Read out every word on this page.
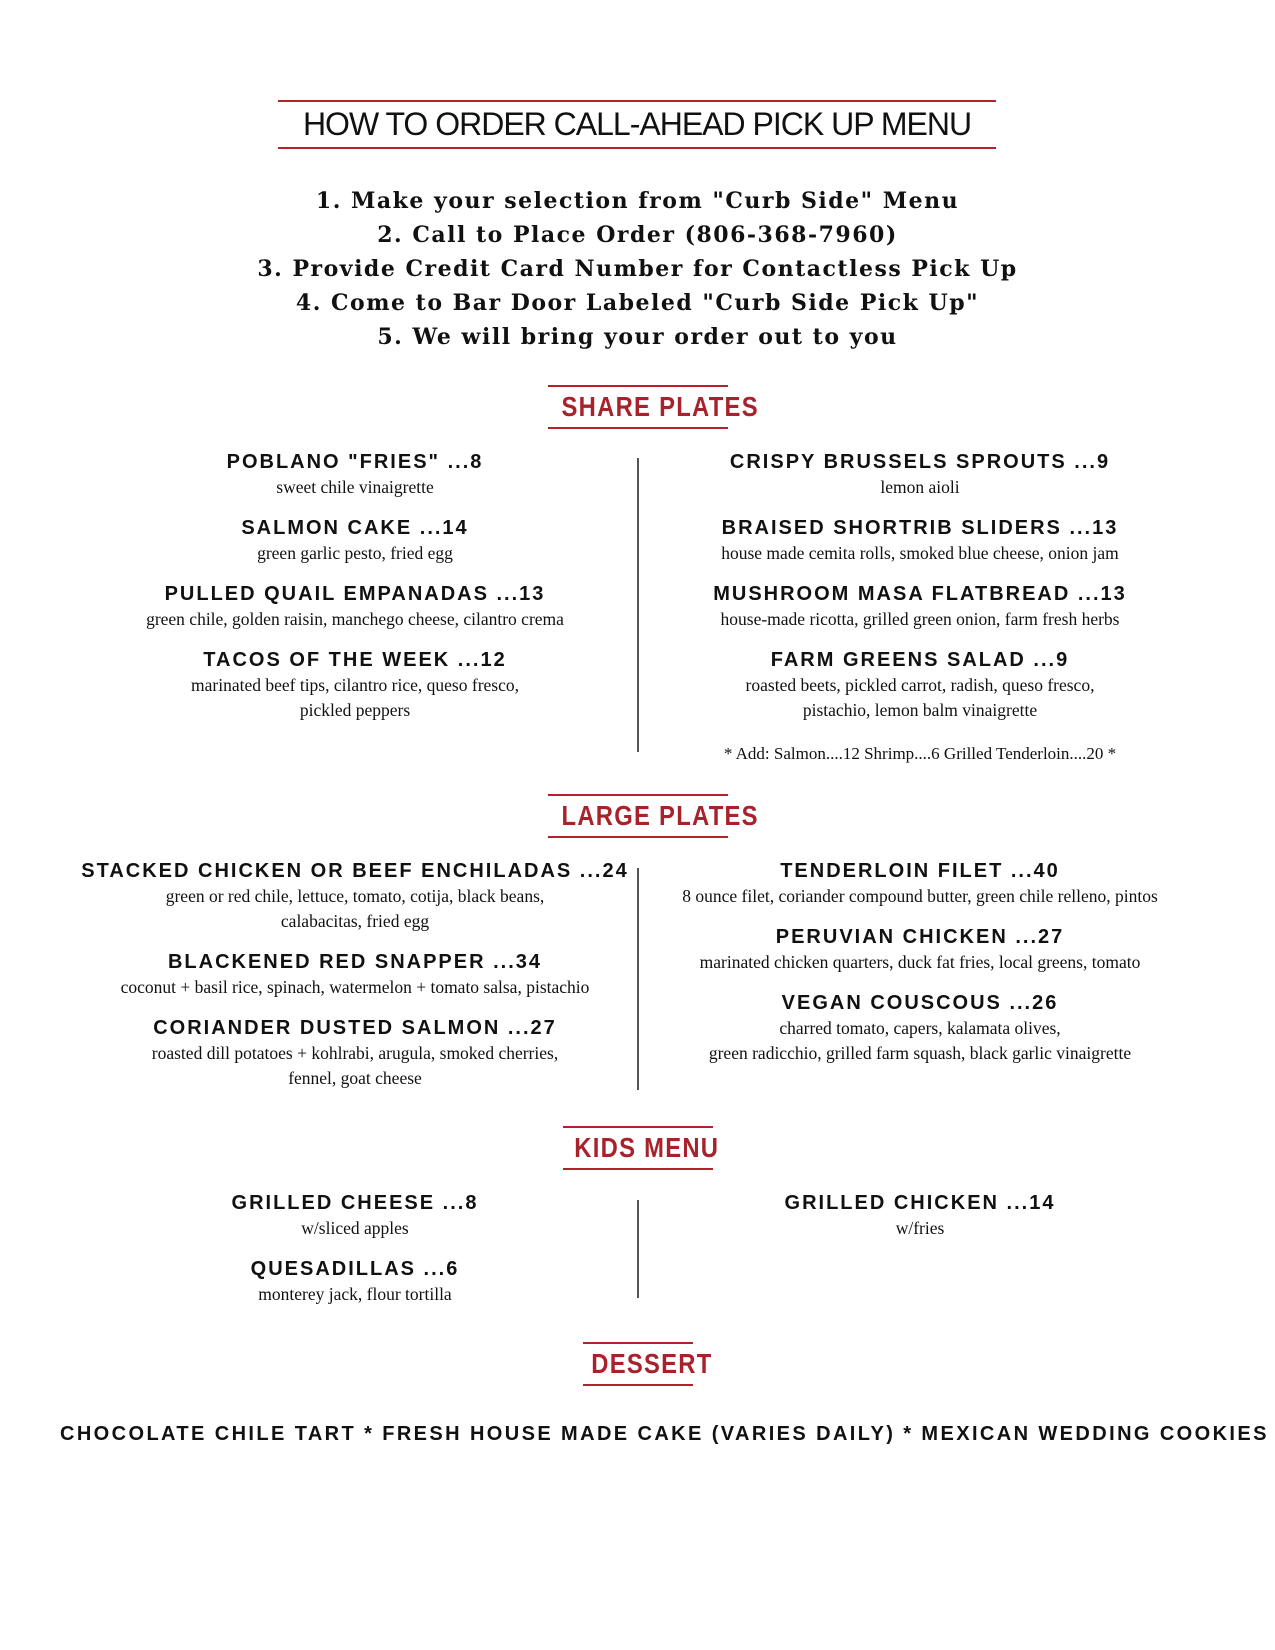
HOW TO ORDER CALL-AHEAD PICK UP MENU
1. Make your selection from "Curb Side" Menu
2. Call to Place Order (806-368-7960)
3. Provide Credit Card Number for Contactless Pick Up
4. Come to Bar Door Labeled "Curb Side Pick Up"
5. We will bring your order out to you
SHARE PLATES
POBLANO "FRIES" ...8
sweet chile vinaigrette
SALMON CAKE ...14
green garlic pesto, fried egg
PULLED QUAIL EMPANADAS ...13
green chile, golden raisin, manchego cheese, cilantro crema
TACOS OF THE WEEK ...12
marinated beef tips, cilantro rice, queso fresco,
pickled peppers
CRISPY BRUSSELS SPROUTS ...9
lemon aioli
BRAISED SHORTRIB SLIDERS ...13
house made cemita rolls, smoked blue cheese, onion jam
MUSHROOM MASA FLATBREAD ...13
house-made ricotta, grilled green onion, farm fresh herbs
FARM GREENS SALAD ...9
roasted beets, pickled carrot, radish, queso fresco,
pistachio, lemon balm vinaigrette
* Add: Salmon....12 Shrimp....6 Grilled Tenderloin....20 *
LARGE PLATES
STACKED CHICKEN OR BEEF ENCHILADAS ...24
green or red chile, lettuce, tomato, cotija, black beans,
calabacitas, fried egg
BLACKENED RED SNAPPER ...34
coconut + basil rice, spinach, watermelon + tomato salsa, pistachio
CORIANDER DUSTED SALMON ...27
roasted dill potatoes + kohlrabi, arugula, smoked cherries,
fennel, goat cheese
TENDERLOIN FILET ...40
8 ounce filet, coriander compound butter, green chile relleno, pintos
PERUVIAN CHICKEN ...27
marinated chicken quarters, duck fat fries, local greens, tomato
VEGAN COUSCOUS ...26
charred tomato, capers, kalamata olives,
green radicchio, grilled farm squash, black garlic vinaigrette
KIDS MENU
GRILLED CHEESE ...8
w/sliced apples
QUESADILLAS ...6
monterey jack, flour tortilla
GRILLED CHICKEN ...14
w/fries
DESSERT
CHOCOLATE CHILE TART * FRESH HOUSE MADE CAKE (VARIES DAILY) * MEXICAN WEDDING COOKIES
